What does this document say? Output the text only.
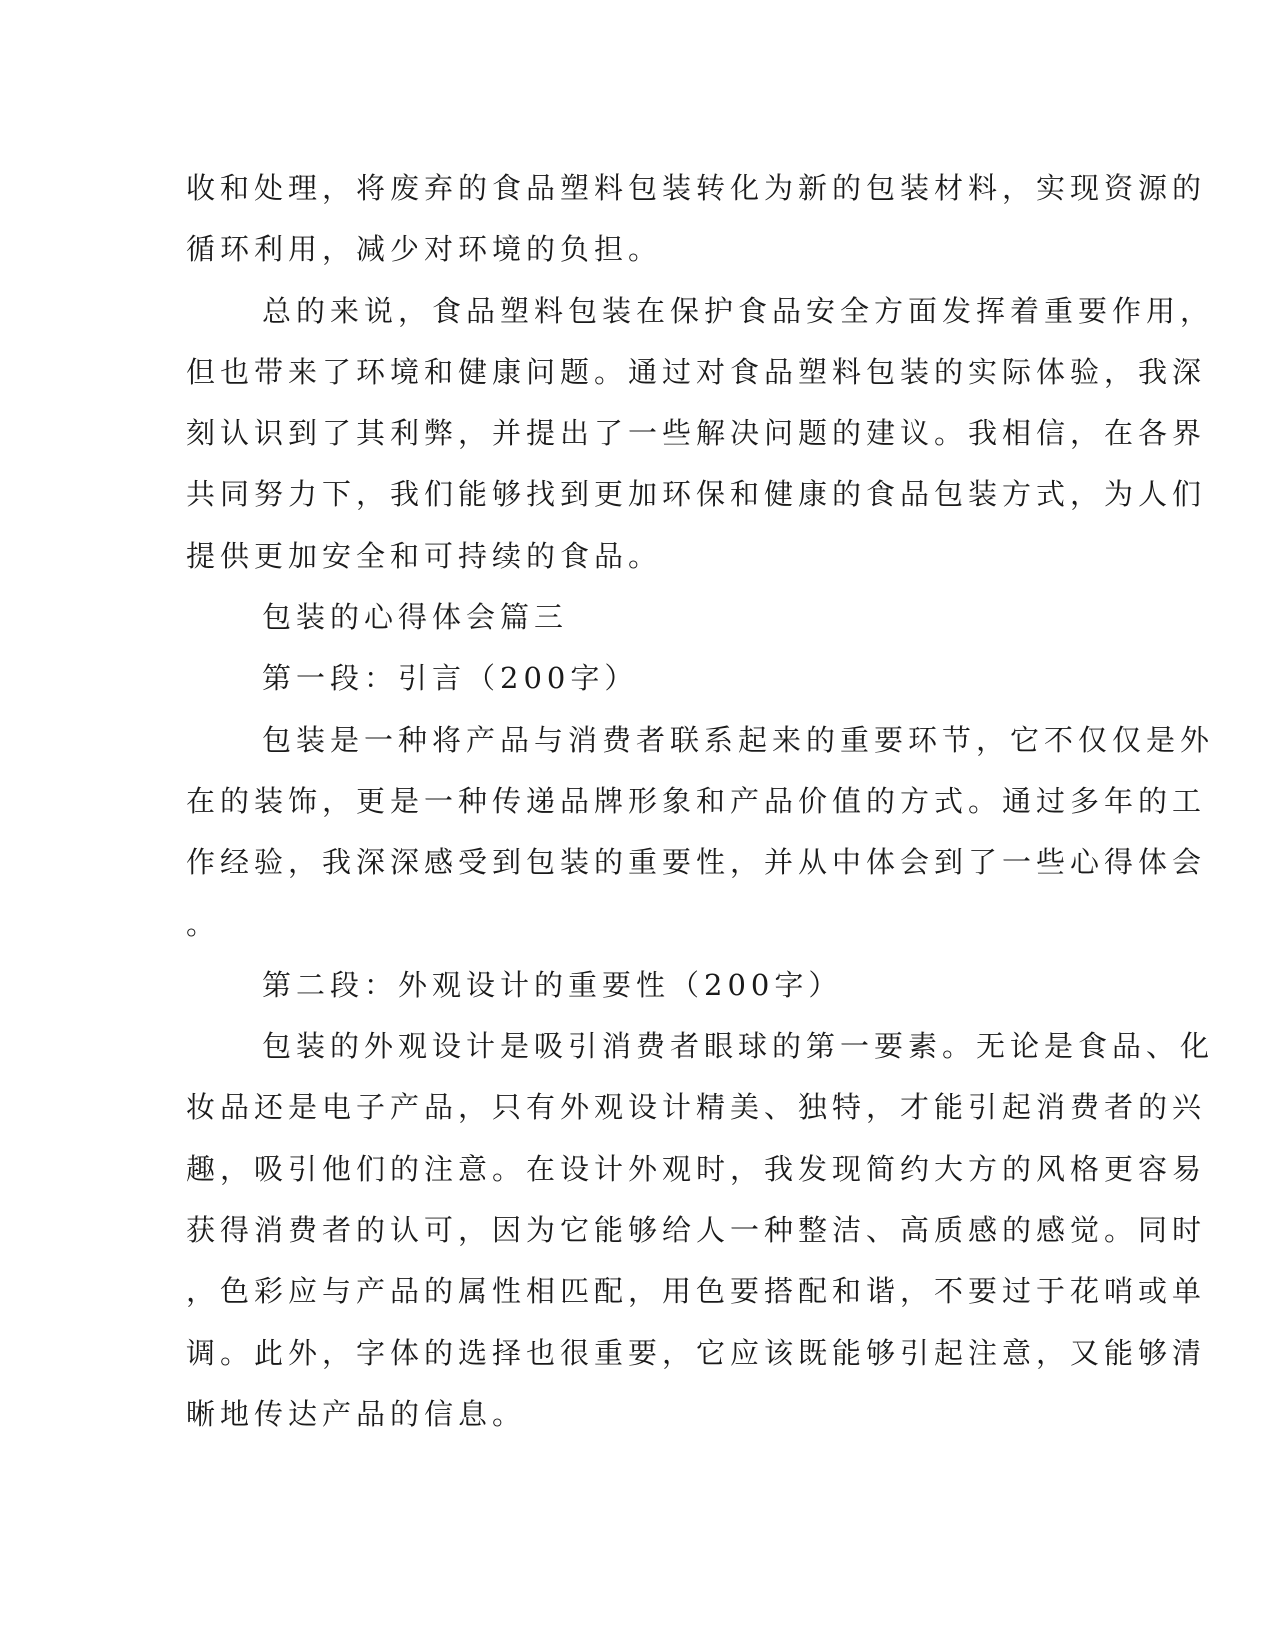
收和处理，将废弃的食品塑料包装转化为新的包装材料，实现资源的
循环利用，减少对环境的负担。
总的来说，食品塑料包装在保护食品安全方面发挥着重要作用，
但也带来了环境和健康问题。通过对食品塑料包装的实际体验，我深
刻认识到了其利弊，并提出了一些解决问题的建议。我相信，在各界
共同努力下，我们能够找到更加环保和健康的食品包装方式，为人们
提供更加安全和可持续的食品。
包装的心得体会篇三
第一段：引言（200字）
包装是一种将产品与消费者联系起来的重要环节，它不仅仅是外
在的装饰，更是一种传递品牌形象和产品价值的方式。通过多年的工
作经验，我深深感受到包装的重要性，并从中体会到了一些心得体会
。
第二段：外观设计的重要性（200字）
包装的外观设计是吸引消费者眼球的第一要素。无论是食品、化
妆品还是电子产品，只有外观设计精美、独特，才能引起消费者的兴
趣，吸引他们的注意。在设计外观时，我发现简约大方的风格更容易
获得消费者的认可，因为它能够给人一种整洁、高质感的感觉。同时
，色彩应与产品的属性相匹配，用色要搭配和谐，不要过于花哨或单
调。此外，字体的选择也很重要，它应该既能够引起注意，又能够清
晰地传达产品的信息。
